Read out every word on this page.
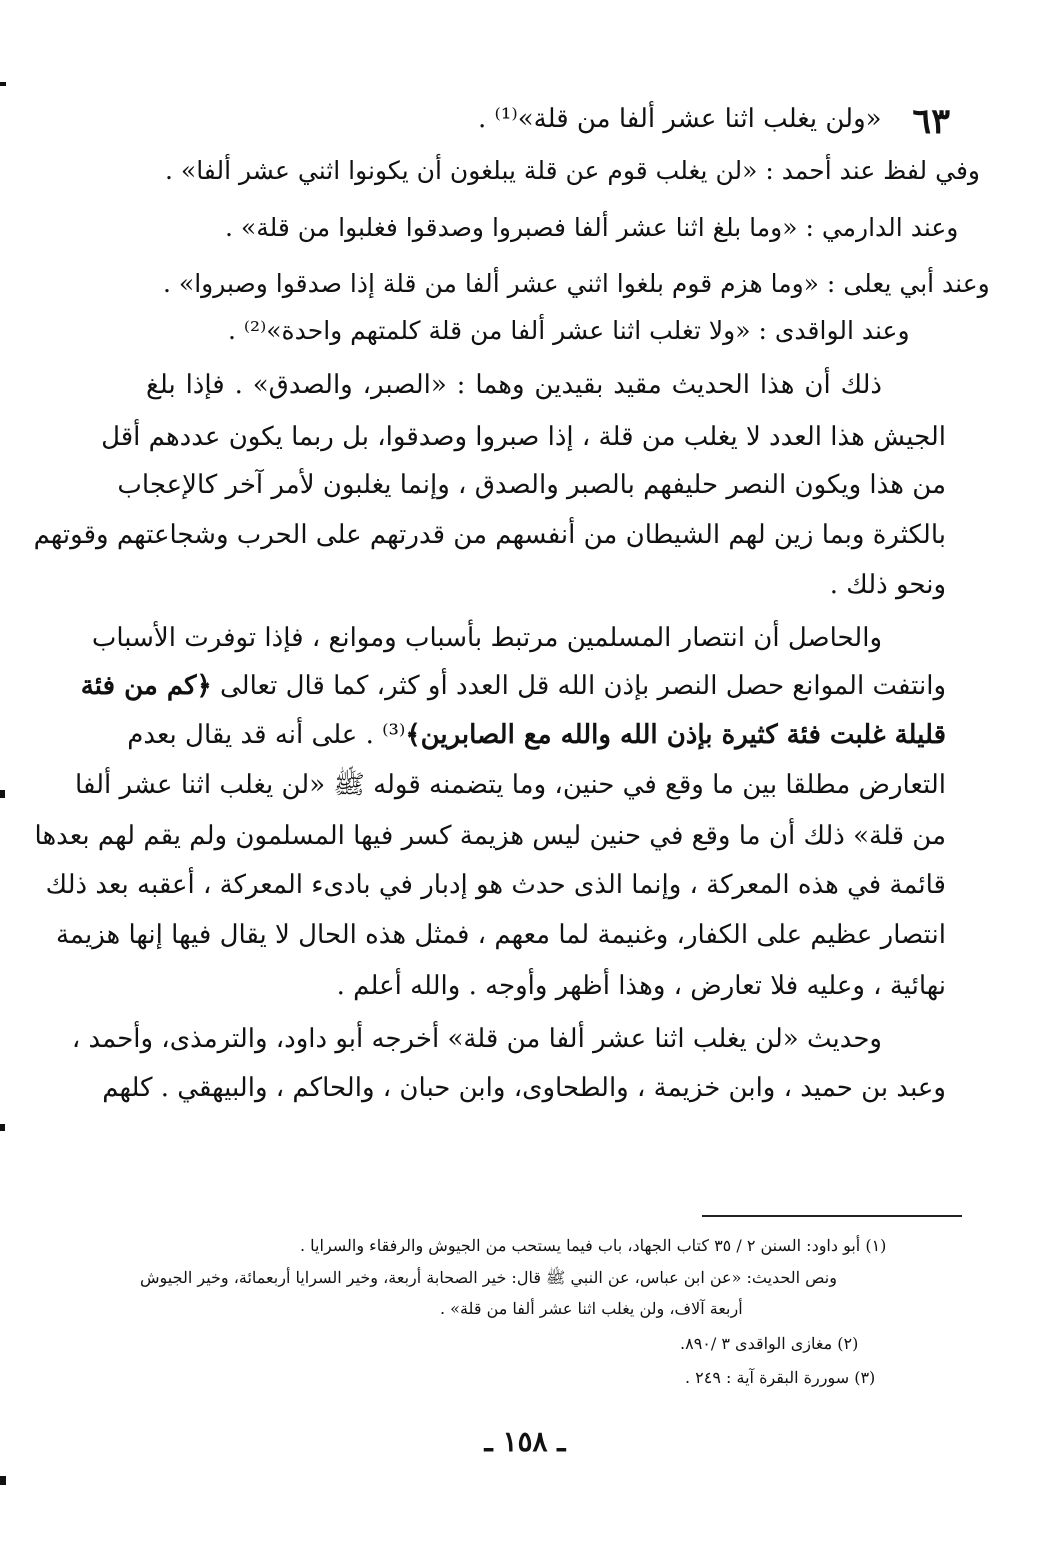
٦٣
«ولن يغلب اثنا عشر ألفا من قلة»⁽¹⁾ .
وفي لفظ عند أحمد : «لن يغلب قوم عن قلة يبلغون أن يكونوا اثني عشر ألفا» .
وعند الدارمي : «وما بلغ اثنا عشر ألفا فصبروا وصدقوا فغلبوا من قلة» .
وعند أبي يعلى : «وما هزم قوم بلغوا اثني عشر ألفا من قلة إذا صدقوا وصبروا» .
وعند الواقدى : «ولا تغلب اثنا عشر ألفا من قلة كلمتهم واحدة»⁽²⁾ .
ذلك أن هذا الحديث مقيد بقيدين وهما : «الصبر، والصدق» . فإذا بلغ
الجيش هذا العدد لا يغلب من قلة ، إذا صبروا وصدقوا، بل ربما يكون عددهم أقل
من هذا ويكون النصر حليفهم بالصبر والصدق ، وإنما يغلبون لأمر آخر كالإعجاب
بالكثرة وبما زين لهم الشيطان من أنفسهم من قدرتهم على الحرب وشجاعتهم وقوتهم
ونحو ذلك .
والحاصل أن انتصار المسلمين مرتبط بأسباب وموانع ، فإذا توفرت الأسباب
وانتفت الموانع حصل النصر بإذن الله قل العدد أو كثر، كما قال تعالى ﴿كم من فئة
قليلة غلبت فئة كثيرة بإذن الله والله مع الصابرين﴾⁽³⁾ . على أنه قد يقال بعدم
التعارض مطلقا بين ما وقع في حنين، وما يتضمنه قوله ﷺ «لن يغلب اثنا عشر ألفا
من قلة» ذلك أن ما وقع في حنين ليس هزيمة كسر فيها المسلمون ولم يقم لهم بعدها
قائمة في هذه المعركة ، وإنما الذى حدث هو إدبار في بادىء المعركة ، أعقبه بعد ذلك
انتصار عظيم على الكفار، وغنيمة لما معهم ، فمثل هذه الحال لا يقال فيها إنها هزيمة
نهائية ، وعليه فلا تعارض ، وهذا أظهر وأوجه . والله أعلم .
وحديث «لن يغلب اثنا عشر ألفا من قلة» أخرجه أبو داود، والترمذى، وأحمد ،
وعبد بن حميد ، وابن خزيمة ، والطحاوى، وابن حبان ، والحاكم ، والبيهقي . كلهم
(١) أبو داود: السنن ٢ / ٣٥ كتاب الجهاد، باب فيما يستحب من الجيوش والرفقاء والسرايا .
ونص الحديث: «عن ابن عباس، عن النبي ﷺ قال: خير الصحابة أربعة، وخير السرايا أربعمائة، وخير الجيوش
أربعة آلاف، ولن يغلب اثنا عشر ألفا من قلة» .
(٢) مغازى الواقدى ٣ /٨٩٠.
(٣) سوررة البقرة آية : ٢٤٩ .
ـ ١٥٨ ـ
